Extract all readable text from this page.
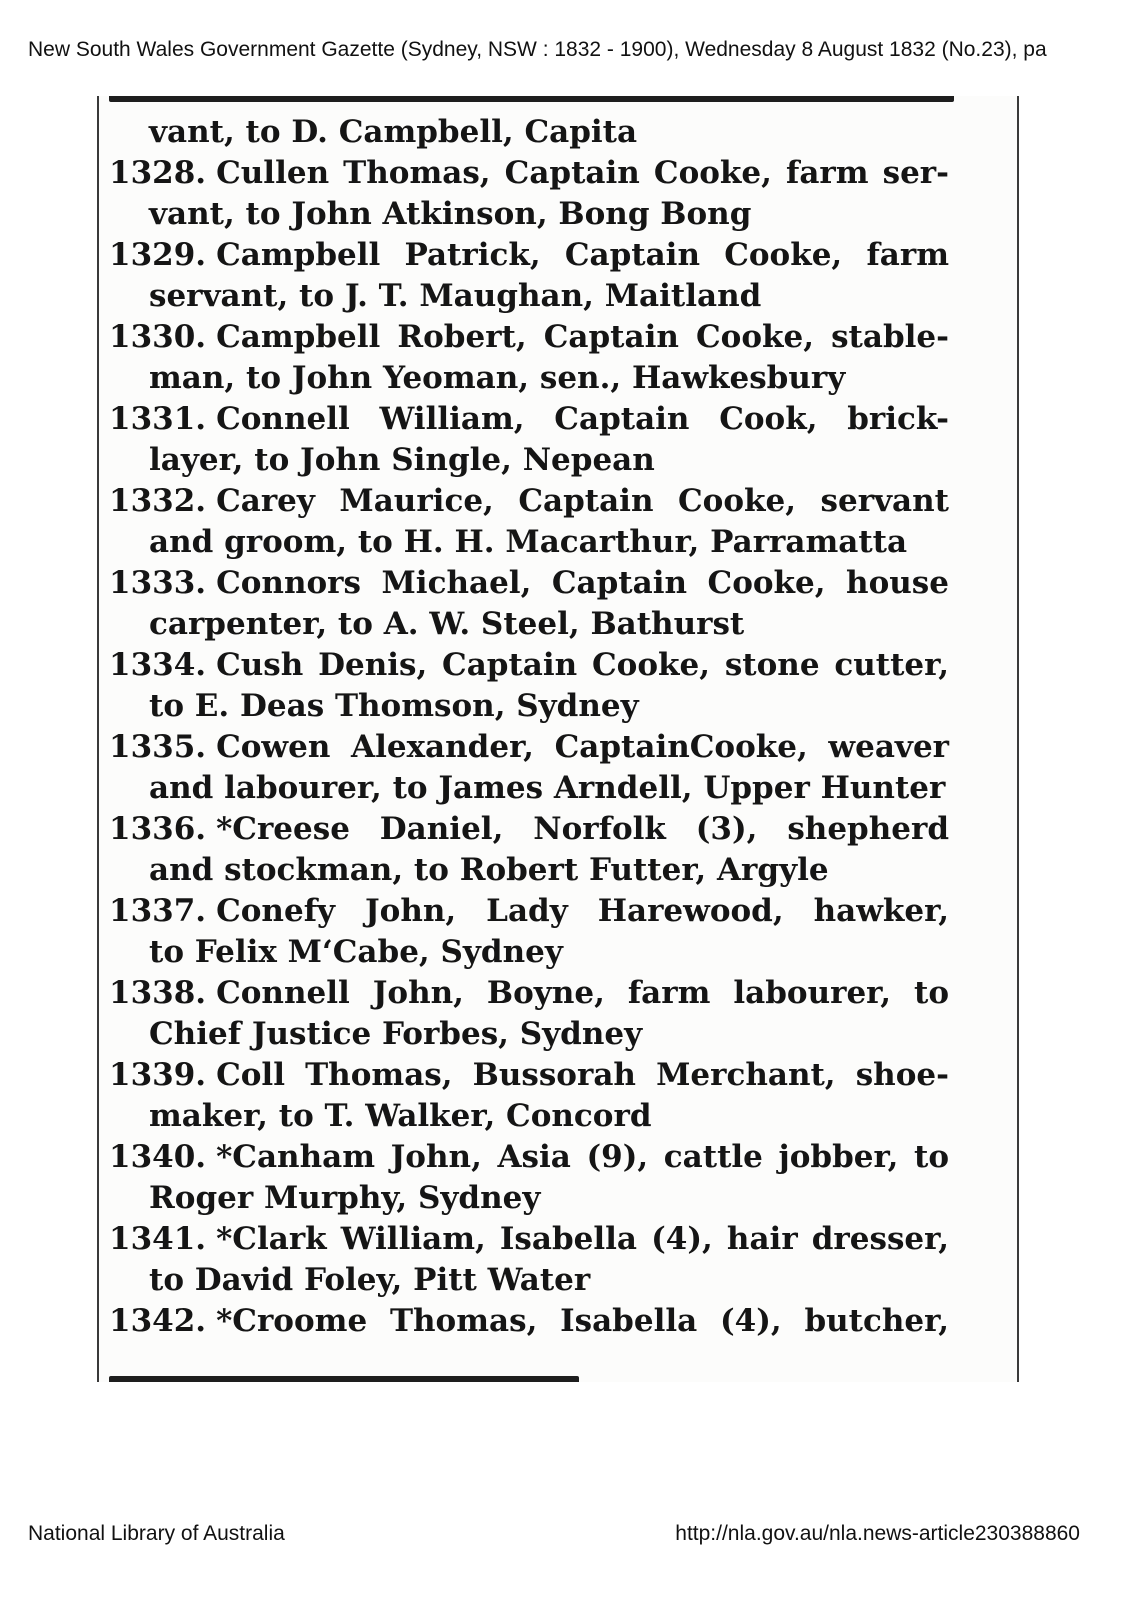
New South Wales Government Gazette (Sydney, NSW : 1832 - 1900), Wednesday 8 August 1832 (No.23), pa
vant, to D. Campbell, Capita
1328. Cullen Thomas, Captain Cooke, farm ser-
vant, to John Atkinson, Bong Bong
1329. Campbell Patrick, Captain Cooke, farm
servant, to J. T. Maughan, Maitland
1330. Campbell Robert, Captain Cooke, stable-
man, to John Yeoman, sen., Hawkesbury
1331. Connell William, Captain Cook, brick-
layer, to John Single, Nepean
1332. Carey Maurice, Captain Cooke, servant
and groom, to H. H. Macarthur, Parramatta
1333. Connors Michael, Captain Cooke, house
carpenter, to A. W. Steel, Bathurst
1334. Cush Denis, Captain Cooke, stone cutter,
to E. Deas Thomson, Sydney
1335. Cowen Alexander, CaptainCooke, weaver
and labourer, to James Arndell, Upper Hunter
1336. *Creese Daniel, Norfolk (3), shepherd
and stockman, to Robert Futter, Argyle
1337. Conefy John, Lady Harewood, hawker,
to Felix M‘Cabe, Sydney
1338. Connell John, Boyne, farm labourer, to
Chief Justice Forbes, Sydney
1339. Coll Thomas, Bussorah Merchant, shoe-
maker, to T. Walker, Concord
1340. *Canham John, Asia (9), cattle jobber, to
Roger Murphy, Sydney
1341. *Clark William, Isabella (4), hair dresser,
to David Foley, Pitt Water
1342. *Croome Thomas, Isabella (4), butcher,
National Library of Australia	http://nla.gov.au/nla.news-article230388860
